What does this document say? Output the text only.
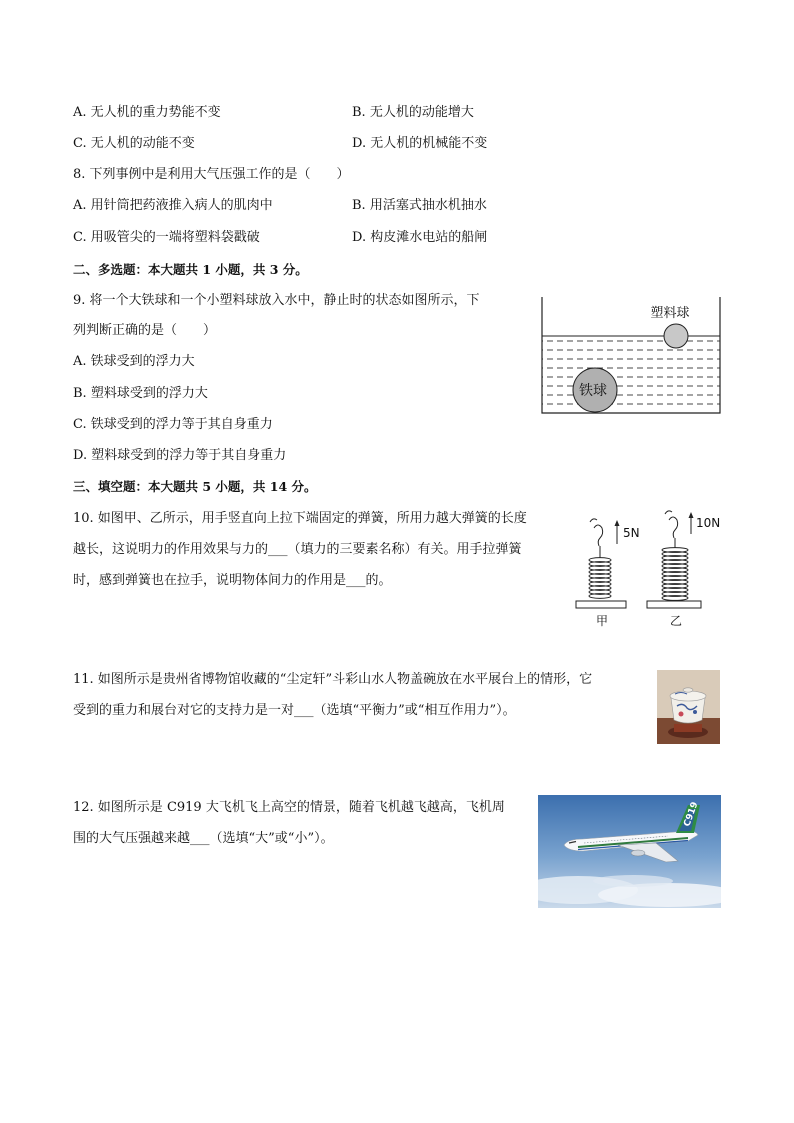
A. 无人机的重力势能不变	B. 无人机的动能增大
C. 无人机的动能不变	D. 无人机的机械能不变
8. 下列事例中是利用大气压强工作的是（　　）
A. 用针筒把药液推入病人的肌肉中	B. 用活塞式抽水机抽水
C. 用吸管尖的一端将塑料袋戳破	D. 构皮滩水电站的船闸
二、多选题：本大题共 1 小题，共 3 分。
9. 将一个大铁球和一个小塑料球放入水中，静止时的状态如图所示，下
列判断正确的是（　　）
A. 铁球受到的浮力大
B. 塑料球受到的浮力大
C. 铁球受到的浮力等于其自身重力
D. 塑料球受到的浮力等于其自身重力
塑料球
铁球
三、填空题：本大题共 5 小题，共 14 分。
10. 如图甲、乙所示，用手竖直向上拉下端固定的弹簧，所用力越大弹簧的长度
越长，这说明力的作用效果与力的___（填力的三要素名称）有关。用手拉弹簧
时，感到弹簧也在拉手，说明物体间力的作用是___的。
5N
甲
10N
乙
11. 如图所示是贵州省博物馆收藏的“尘定轩”斗彩山水人物盖碗放在水平展台上的情形，它
受到的重力和展台对它的支持力是一对___（选填“平衡力”或“相互作用力”）。
12. 如图所示是 C919 大飞机飞上高空的情景，随着飞机越飞越高，飞机周
围的大气压强越来越___（选填“大”或“小”）。
C919
